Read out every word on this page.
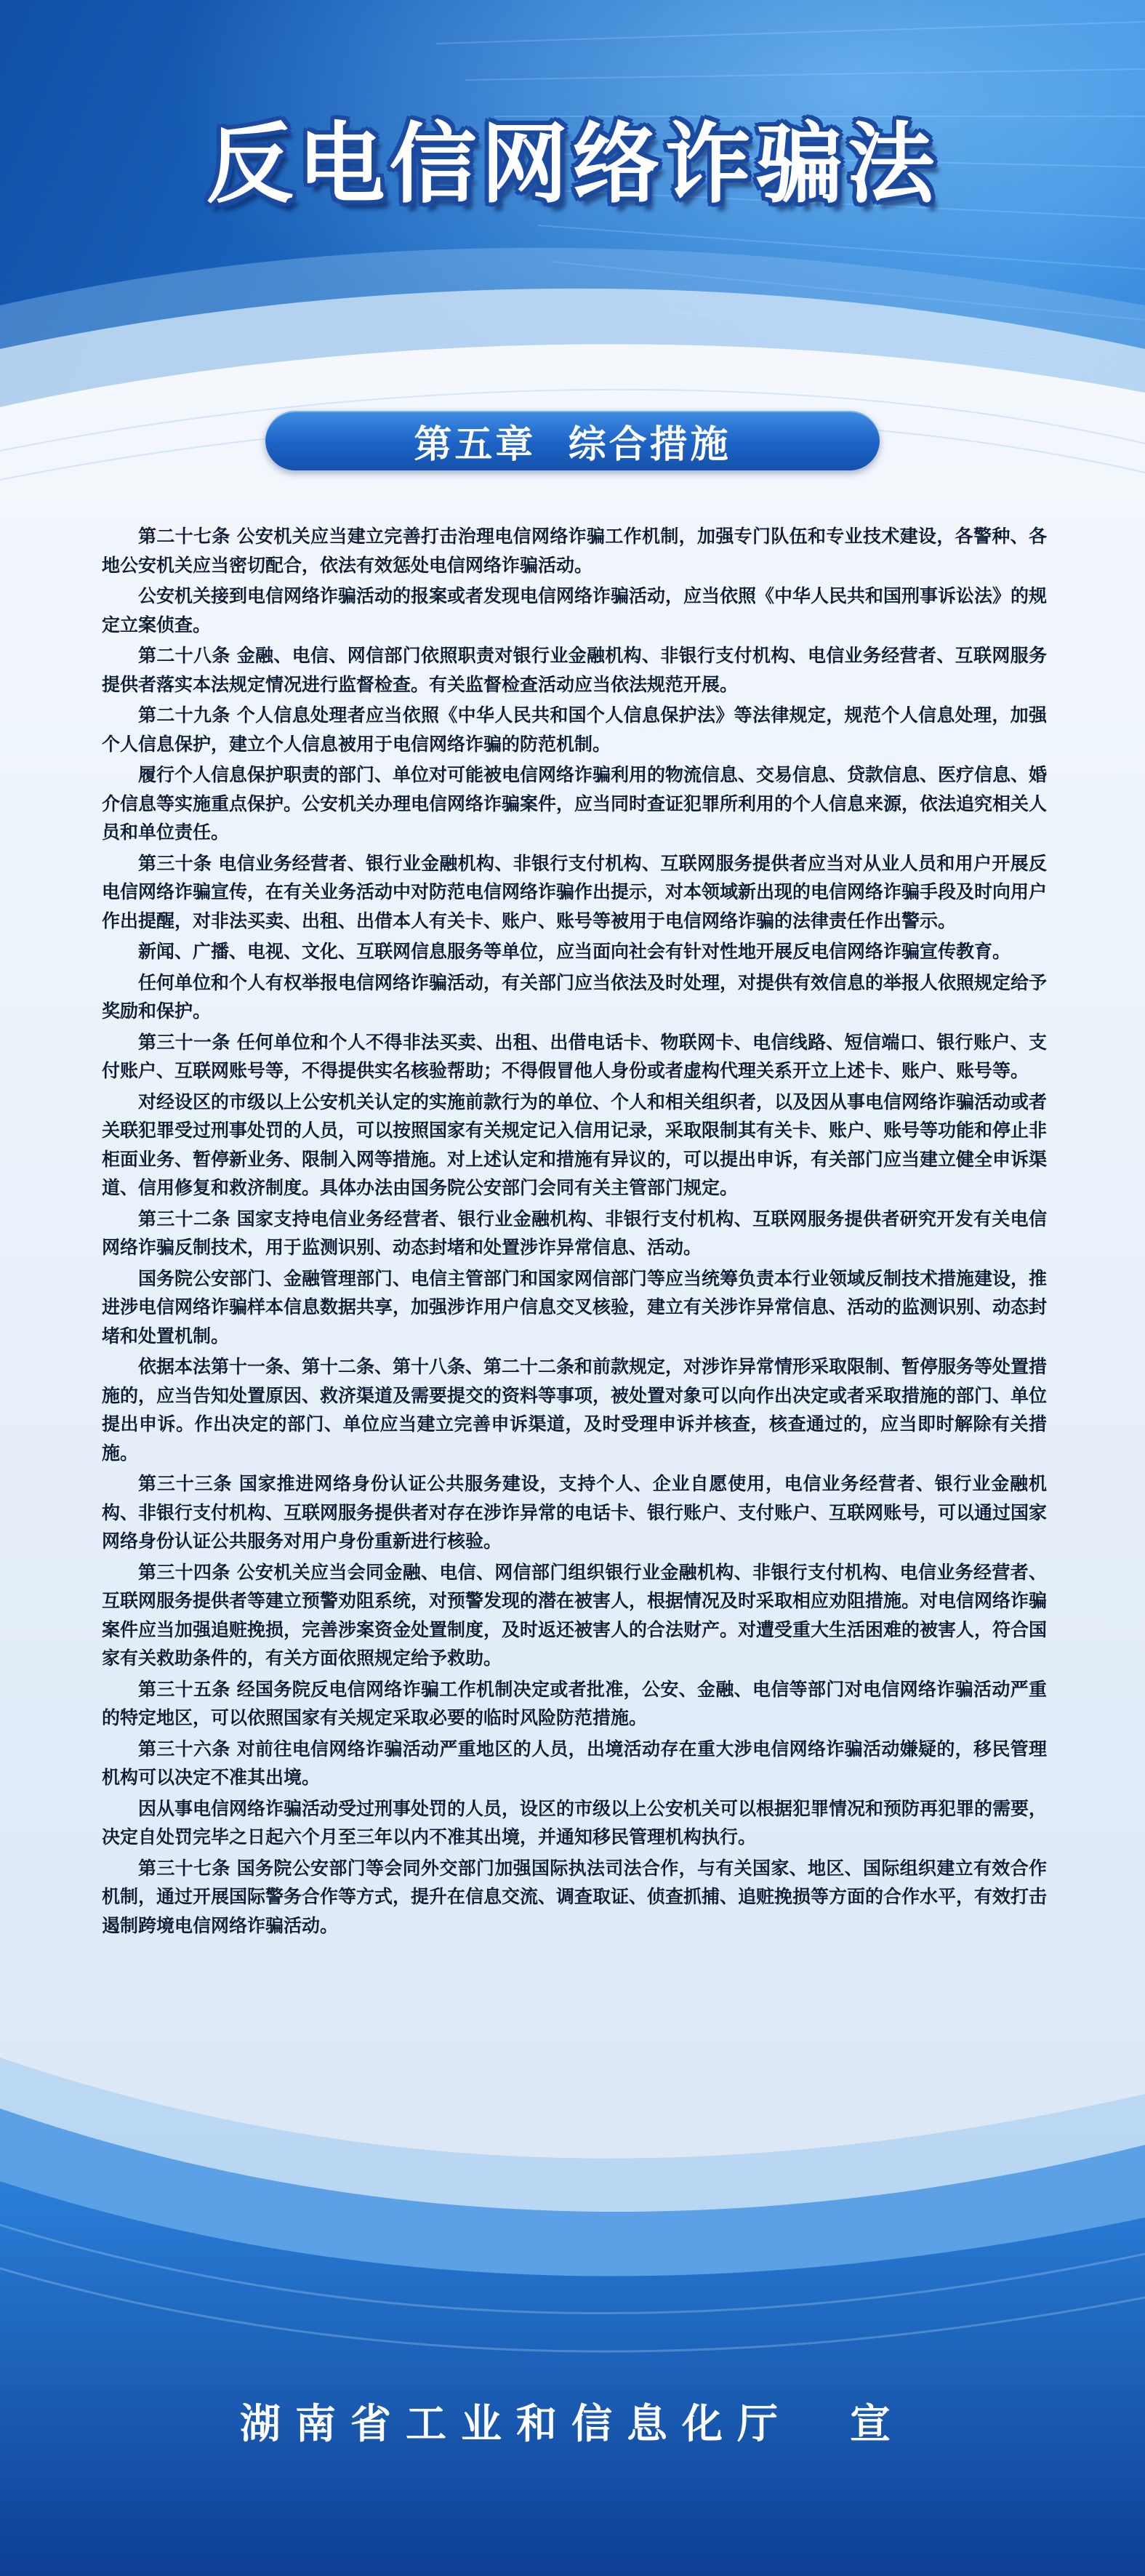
反电信网络诈骗法
第五章  综合措施

第二十七条 公安机关应当建立完善打击治理电信网络诈骗工作机制，加强专门队伍和专业技术建设，各警种、各地公安机关应当密切配合，依法有效惩处电信网络诈骗活动。

公安机关接到电信网络诈骗活动的报案或者发现电信网络诈骗活动，应当依照《中华人民共和国刑事诉讼法》的规定立案侦查。

第二十八条 金融、电信、网信部门依照职责对银行业金融机构、非银行支付机构、电信业务经营者、互联网服务提供者落实本法规定情况进行监督检查。有关监督检查活动应当依法规范开展。

第二十九条 个人信息处理者应当依照《中华人民共和国个人信息保护法》等法律规定，规范个人信息处理，加强个人信息保护，建立个人信息被用于电信网络诈骗的防范机制。

履行个人信息保护职责的部门、单位对可能被电信网络诈骗利用的物流信息、交易信息、贷款信息、医疗信息、婚介信息等实施重点保护。公安机关办理电信网络诈骗案件，应当同时查证犯罪所利用的个人信息来源，依法追究相关人员和单位责任。

第三十条 电信业务经营者、银行业金融机构、非银行支付机构、互联网服务提供者应当对从业人员和用户开展反电信网络诈骗宣传，在有关业务活动中对防范电信网络诈骗作出提示，对本领域新出现的电信网络诈骗手段及时向用户作出提醒，对非法买卖、出租、出借本人有关卡、账户、账号等被用于电信网络诈骗的法律责任作出警示。

新闻、广播、电视、文化、互联网信息服务等单位，应当面向社会有针对性地开展反电信网络诈骗宣传教育。

任何单位和个人有权举报电信网络诈骗活动，有关部门应当依法及时处理，对提供有效信息的举报人依照规定给予奖励和保护。

第三十一条 任何单位和个人不得非法买卖、出租、出借电话卡、物联网卡、电信线路、短信端口、银行账户、支付账户、互联网账号等，不得提供实名核验帮助；不得假冒他人身份或者虚构代理关系开立上述卡、账户、账号等。

对经设区的市级以上公安机关认定的实施前款行为的单位、个人和相关组织者，以及因从事电信网络诈骗活动或者关联犯罪受过刑事处罚的人员，可以按照国家有关规定记入信用记录，采取限制其有关卡、账户、账号等功能和停止非柜面业务、暂停新业务、限制入网等措施。对上述认定和措施有异议的，可以提出申诉，有关部门应当建立健全申诉渠道、信用修复和救济制度。具体办法由国务院公安部门会同有关主管部门规定。

第三十二条 国家支持电信业务经营者、银行业金融机构、非银行支付机构、互联网服务提供者研究开发有关电信网络诈骗反制技术，用于监测识别、动态封堵和处置涉诈异常信息、活动。

国务院公安部门、金融管理部门、电信主管部门和国家网信部门等应当统筹负责本行业领域反制技术措施建设，推进涉电信网络诈骗样本信息数据共享，加强涉诈用户信息交叉核验，建立有关涉诈异常信息、活动的监测识别、动态封堵和处置机制。

依据本法第十一条、第十二条、第十八条、第二十二条和前款规定，对涉诈异常情形采取限制、暂停服务等处置措施的，应当告知处置原因、救济渠道及需要提交的资料等事项，被处置对象可以向作出决定或者采取措施的部门、单位提出申诉。作出决定的部门、单位应当建立完善申诉渠道，及时受理申诉并核查，核查通过的，应当即时解除有关措施。

第三十三条 国家推进网络身份认证公共服务建设，支持个人、企业自愿使用，电信业务经营者、银行业金融机构、非银行支付机构、互联网服务提供者对存在涉诈异常的电话卡、银行账户、支付账户、互联网账号，可以通过国家网络身份认证公共服务对用户身份重新进行核验。

第三十四条 公安机关应当会同金融、电信、网信部门组织银行业金融机构、非银行支付机构、电信业务经营者、互联网服务提供者等建立预警劝阻系统，对预警发现的潜在被害人，根据情况及时采取相应劝阻措施。对电信网络诈骗案件应当加强追赃挽损，完善涉案资金处置制度，及时返还被害人的合法财产。对遭受重大生活困难的被害人，符合国家有关救助条件的，有关方面依照规定给予救助。

第三十五条 经国务院反电信网络诈骗工作机制决定或者批准，公安、金融、电信等部门对电信网络诈骗活动严重的特定地区，可以依照国家有关规定采取必要的临时风险防范措施。

第三十六条 对前往电信网络诈骗活动严重地区的人员，出境活动存在重大涉电信网络诈骗活动嫌疑的，移民管理机构可以决定不准其出境。

因从事电信网络诈骗活动受过刑事处罚的人员，设区的市级以上公安机关可以根据犯罪情况和预防再犯罪的需要，决定自处罚完毕之日起六个月至三年以内不准其出境，并通知移民管理机构执行。

第三十七条 国务院公安部门等会同外交部门加强国际执法司法合作，与有关国家、地区、国际组织建立有效合作机制，通过开展国际警务合作等方式，提升在信息交流、调查取证、侦查抓捕、追赃挽损等方面的合作水平，有效打击遏制跨境电信网络诈骗活动。

湖南省工业和信息化厅  宣
